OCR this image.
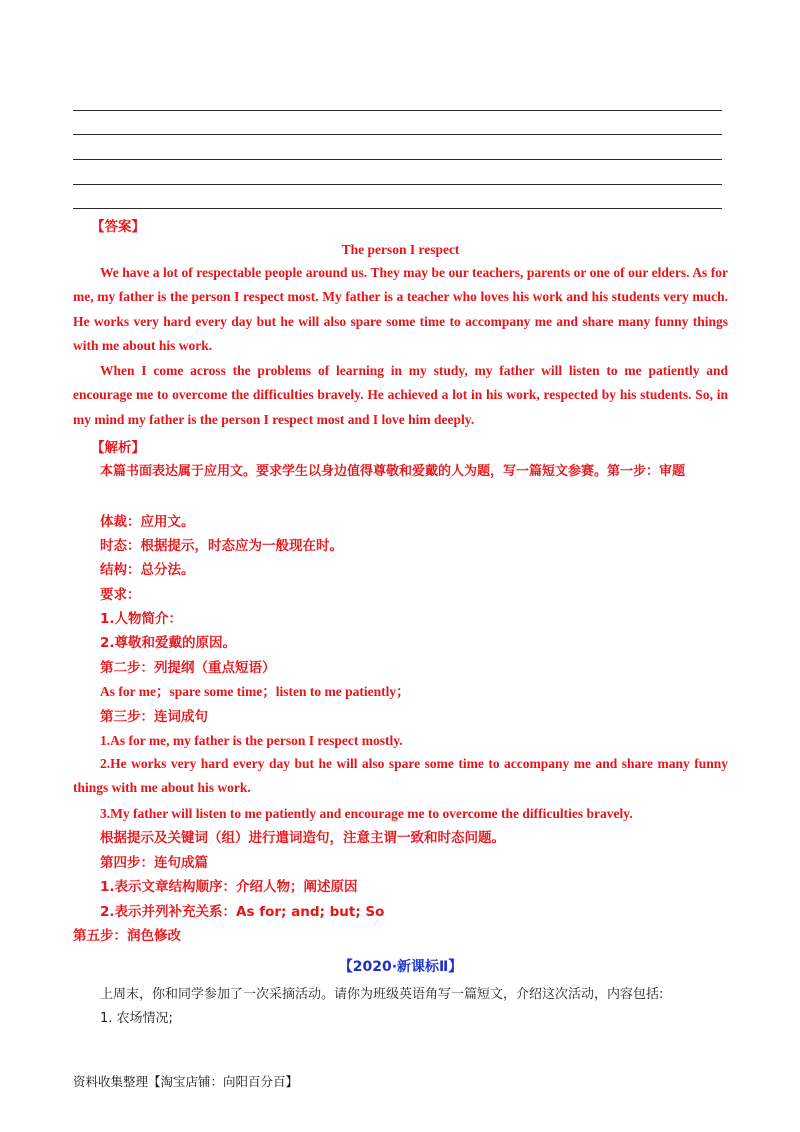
【答案】
The person I respect
We have a lot of respectable people around us. They may be our teachers, parents or one of our elders. As for me, my father is the person I respect most. My father is a teacher who loves his work and his students very much. He works very hard every day but he will also spare some time to accompany me and share many funny things with me about his work.
When I come across the problems of learning in my study, my father will listen to me patiently and encourage me to overcome the difficulties bravely. He achieved a lot in his work, respected by his students. So, in my mind my father is the person I respect most and I love him deeply.
【解析】
本篇书面表达属于应用文。要求学生以身边值得尊敬和爱戴的人为题，写一篇短文参赛。第一步：审题
体裁：应用文。
时态：根据提示，时态应为一般现在时。
结构：总分法。
要求：
1.人物简介：
2.尊敬和爱戴的原因。
第二步：列提纲（重点短语）
As for me；spare some time；listen to me patiently；
第三步：连词成句
1.As for me, my father is the person I respect mostly.
2.He works very hard every day but he will also spare some time to accompany me and share many funny things with me about his work.
3.My father will listen to me patiently and encourage me to overcome the difficulties bravely.
根据提示及关键词（组）进行遣词造句，注意主谓一致和时态问题。
第四步：连句成篇
1.表示文章结构顺序：介绍人物；阐述原因
2.表示并列补充关系：As for; and; but; So
第五步：润色修改
【2020·新课标Ⅱ】
上周末，你和同学参加了一次采摘活动。请你为班级英语角写一篇短文，介绍这次活动，内容包括:
1. 农场情况;
资料收集整理【淘宝店铺：向阳百分百】
